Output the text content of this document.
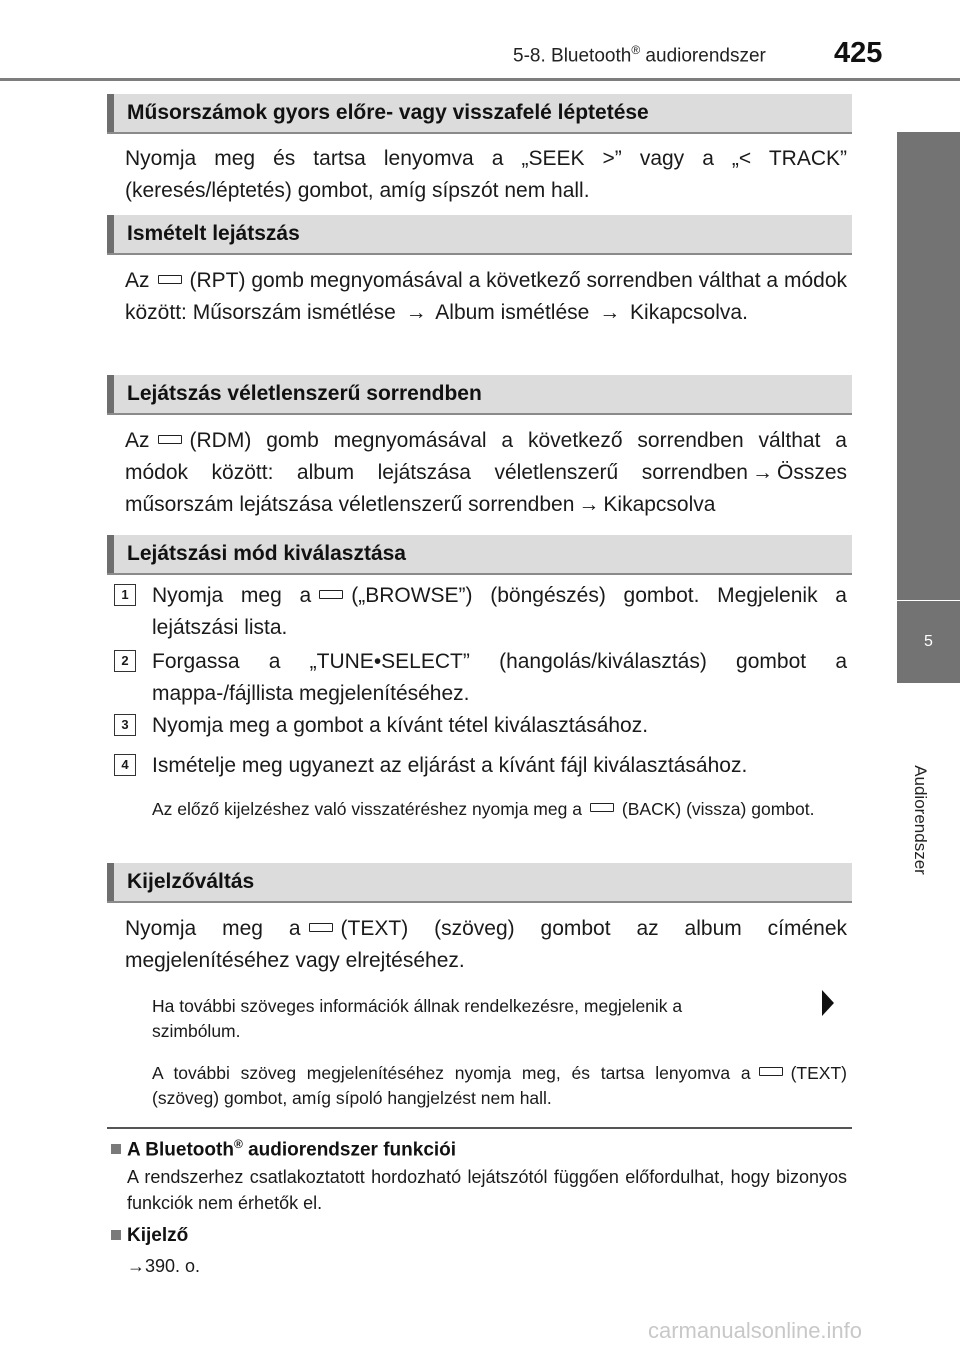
5-8. Bluetooth® audiorendszer 425
5
Audiorendszer
Műsorszámok gyors előre- vagy visszafelé léptetése
Nyomja meg és tartsa lenyomva a „SEEK >” vagy a „< TRACK” (keresés/léptetés) gombot, amíg sípszót nem hall.
Ismételt lejátszás
Az (RPT) gomb megnyomásával a következő sorrendben válthat a módok között: Műsorszám ismétlése → Album ismétlése → Kikapcsolva.
Lejátszás véletlenszerű sorrendben
Az (RDM) gomb megnyomásával a következő sorrendben válthat a módok között: album lejátszása véletlenszerű sorrendben → Összes műsorszám lejátszása véletlenszerű sorrendben → Kikapcsolva
Lejátszási mód kiválasztása
1	Nyomja meg a („BROWSE”) (böngészés) gombot. Megjelenik a lejátszási lista.
2	Forgassa a „TUNE•SELECT” (hangolás/kiválasztás) gombot a mappa-/fájllista megjelenítéséhez.
3	Nyomja meg a gombot a kívánt tétel kiválasztásához.
4	Ismételje meg ugyanezt az eljárást a kívánt fájl kiválasztásához.
Az előző kijelzéshez való visszatéréshez nyomja meg a (BACK) (vissza) gombot.
Kijelzőváltás
Nyomja meg a (TEXT) (szöveg) gombot az album címének megjelenítéséhez vagy elrejtéséhez.
Ha további szöveges információk állnak rendelkezésre, megjelenik a
szimbólum.
A további szöveg megjelenítéséhez nyomja meg, és tartsa lenyomva a (TEXT) (szöveg) gombot, amíg sípoló hangjelzést nem hall.
A Bluetooth® audiorendszer funkciói
A rendszerhez csatlakoztatott hordozható lejátszótól függően előfordulhat, hogy bizonyos funkciók nem érhetők el.
Kijelző
→390. o.
carmanualsonline.info
